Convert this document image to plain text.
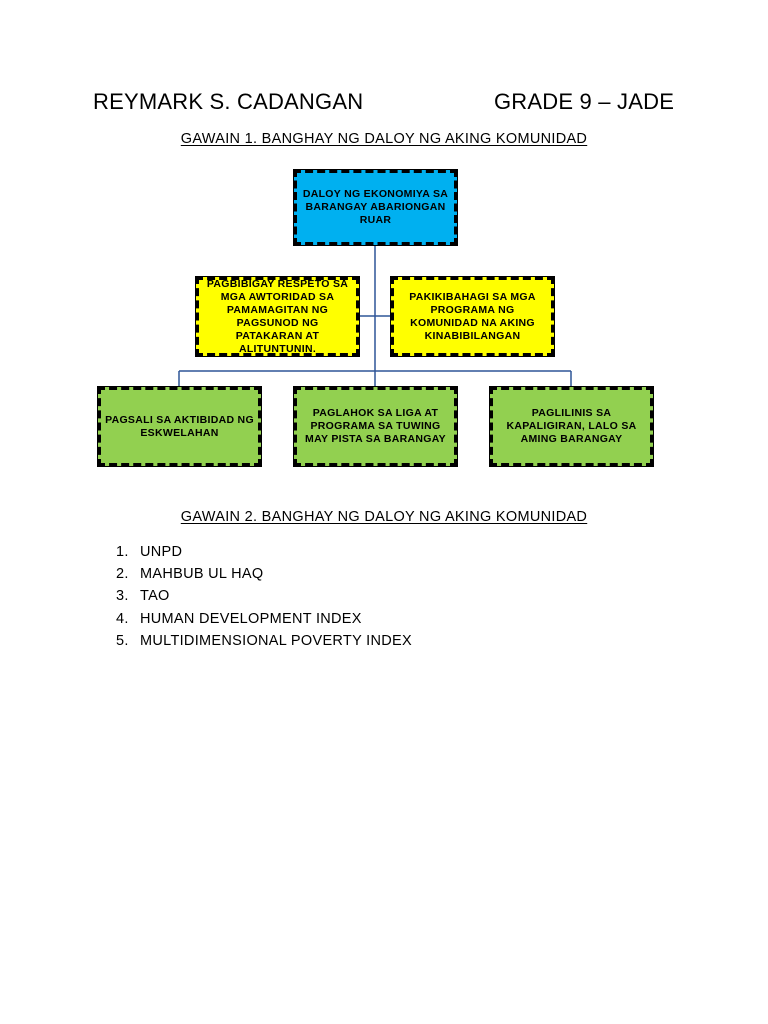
REYMARK S. CADANGAN	GRADE 9 – JADE
GAWAIN 1. BANGHAY NG DALOY NG AKING KOMUNIDAD
DALOY NG EKONOMIYA SA BARANGAY ABARIONGAN RUAR
PAGBIBIGAY RESPETO SA MGA AWTORIDAD SA PAMAMAGITAN NG PAGSUNOD NG PATAKARAN AT ALITUNTUNIN.
PAKIKIBAHAGI SA MGA PROGRAMA NG KOMUNIDAD NA AKING KINABIBILANGAN
PAGSALI SA AKTIBIDAD NG ESKWELAHAN
PAGLAHOK SA LIGA AT PROGRAMA SA TUWING MAY PISTA SA BARANGAY
PAGLILINIS SA KAPALIGIRAN, LALO SA AMING BARANGAY
GAWAIN 2. BANGHAY NG DALOY NG AKING KOMUNIDAD
1. UNPD
2. MAHBUB UL HAQ
3. TAO
4. HUMAN DEVELOPMENT INDEX
5. MULTIDIMENSIONAL POVERTY INDEX
